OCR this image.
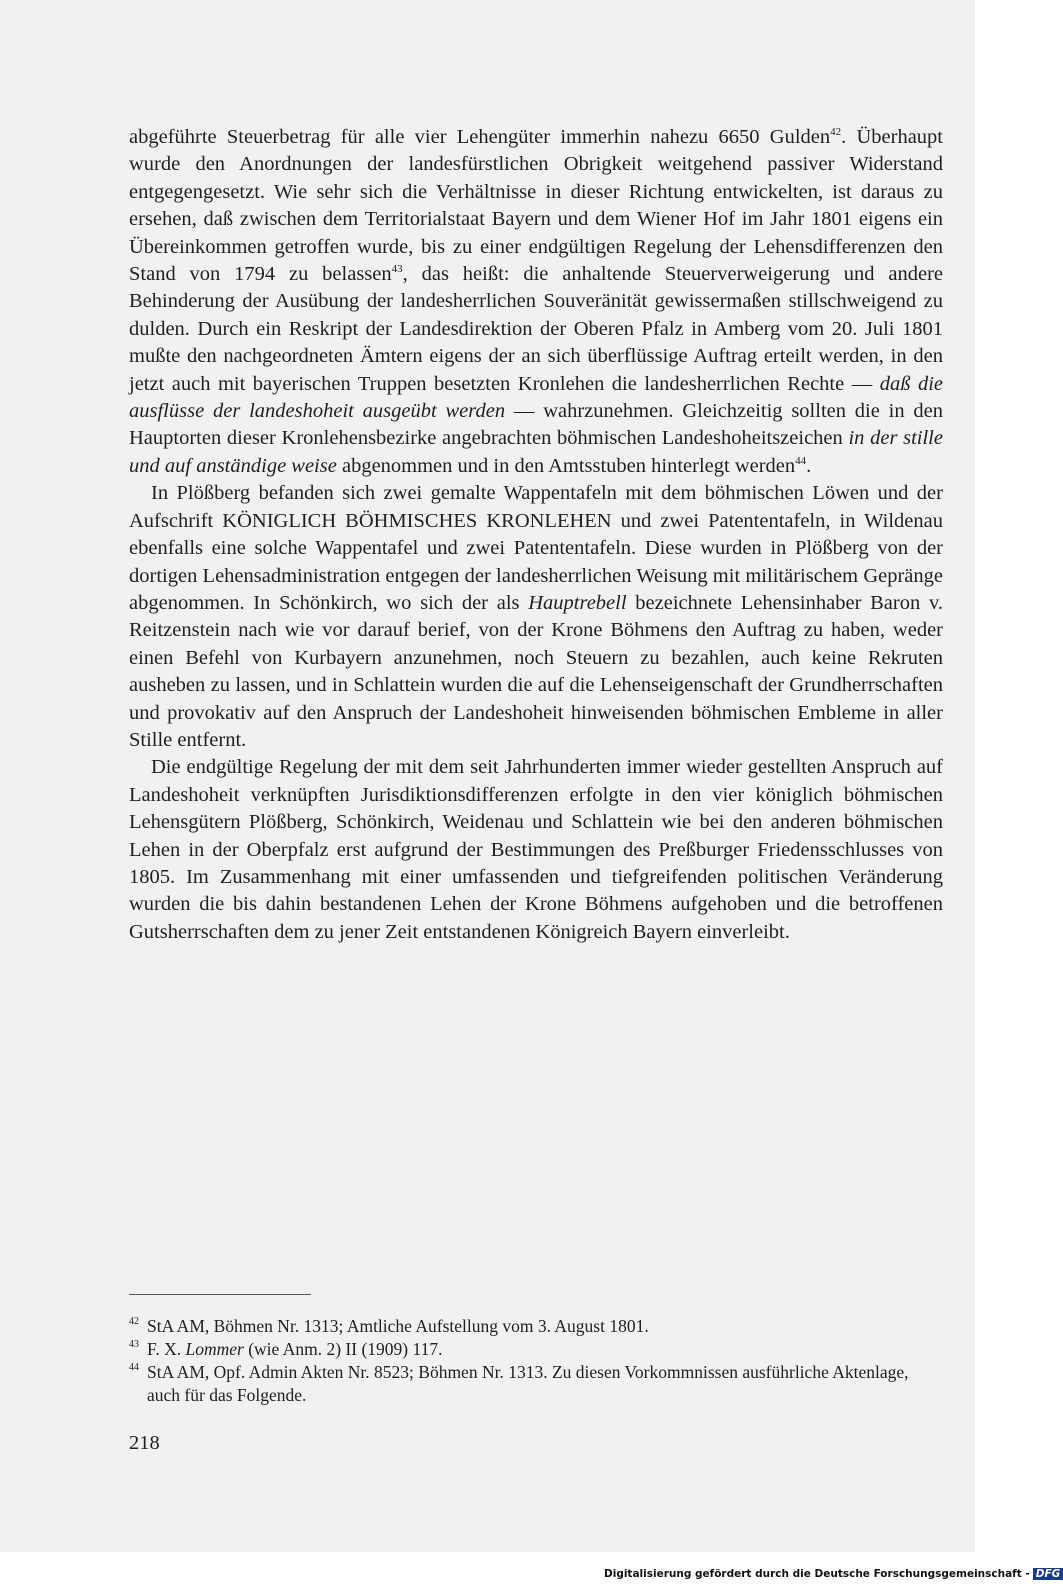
abgeführte Steuerbetrag für alle vier Lehengüter immerhin nahezu 6650 Gulden$^{42}$. Überhaupt wurde den Anordnungen der landesfürstlichen Obrigkeit weitgehend passiver Widerstand entgegengesetzt. Wie sehr sich die Verhältnisse in dieser Richtung entwickelten, ist daraus zu ersehen, daß zwischen dem Territorialstaat Bayern und dem Wiener Hof im Jahr 1801 eigens ein Übereinkommen getroffen wurde, bis zu einer endgültigen Regelung der Lehensdifferenzen den Stand von 1794 zu belassen$^{43}$, das heißt: die anhaltende Steuerverweigerung und andere Behinderung der Ausübung der landesherrlichen Souveränität gewissermaßen stillschweigend zu dulden. Durch ein Reskript der Landesdirektion der Oberen Pfalz in Amberg vom 20. Juli 1801 mußte den nachgeordneten Ämtern eigens der an sich überflüssige Auftrag erteilt werden, in den jetzt auch mit bayerischen Truppen besetzten Kronlehen die landesherrlichen Rechte — daß die ausflüsse der landeshoheit ausgeübt werden — wahrzunehmen. Gleichzeitig sollten die in den Hauptorten dieser Kronlehensbezirke angebrachten böhmischen Landeshoheitszeichen in der stille und auf anständige weise abgenommen und in den Amtsstuben hinterlegt werden$^{44}$.

In Plößberg befanden sich zwei gemalte Wappentafeln mit dem böhmischen Löwen und der Aufschrift KÖNIGLICH BÖHMISCHES KRONLEHEN und zwei Patententafeln, in Wildenau ebenfalls eine solche Wappentafel und zwei Patententafeln. Diese wurden in Plößberg von der dortigen Lehensadministration entgegen der landesherrlichen Weisung mit militärischem Gepränge abgenommen. In Schönkirch, wo sich der als Hauptrebell bezeichnete Lehensinhaber Baron v. Reitzenstein nach wie vor darauf berief, von der Krone Böhmens den Auftrag zu haben, weder einen Befehl von Kurbayern anzunehmen, noch Steuern zu bezahlen, auch keine Rekruten ausheben zu lassen, und in Schlattein wurden die auf die Lehenseigenschaft der Grundherrschaften und provokativ auf den Anspruch der Landeshoheit hinweisenden böhmischen Embleme in aller Stille entfernt.

Die endgültige Regelung der mit dem seit Jahrhunderten immer wieder gestellten Anspruch auf Landeshoheit verknüpften Jurisdiktionsdifferenzen erfolgte in den vier königlich böhmischen Lehensgütern Plößberg, Schönkirch, Weidenau und Schlattein wie bei den anderen böhmischen Lehen in der Oberpfalz erst aufgrund der Bestimmungen des Preßburger Friedensschlusses von 1805. Im Zusammenhang mit einer umfassenden und tiefgreifenden politischen Veränderung wurden die bis dahin bestandenen Lehen der Krone Böhmens aufgehoben und die betroffenen Gutsherrschaften dem zu jener Zeit entstandenen Königreich Bayern einverleibt.

42 StA AM, Böhmen Nr. 1313; Amtliche Aufstellung vom 3. August 1801.
43 F. X. Lommer (wie Anm. 2) II (1909) 117.
44 StA AM, Opf. Admin Akten Nr. 8523; Böhmen Nr. 1313. Zu diesen Vorkommnissen ausführliche Aktenlage, auch für das Folgende.
218
Digitalisierung gefördert durch die Deutsche Forschungsgemeinschaft - DFG
